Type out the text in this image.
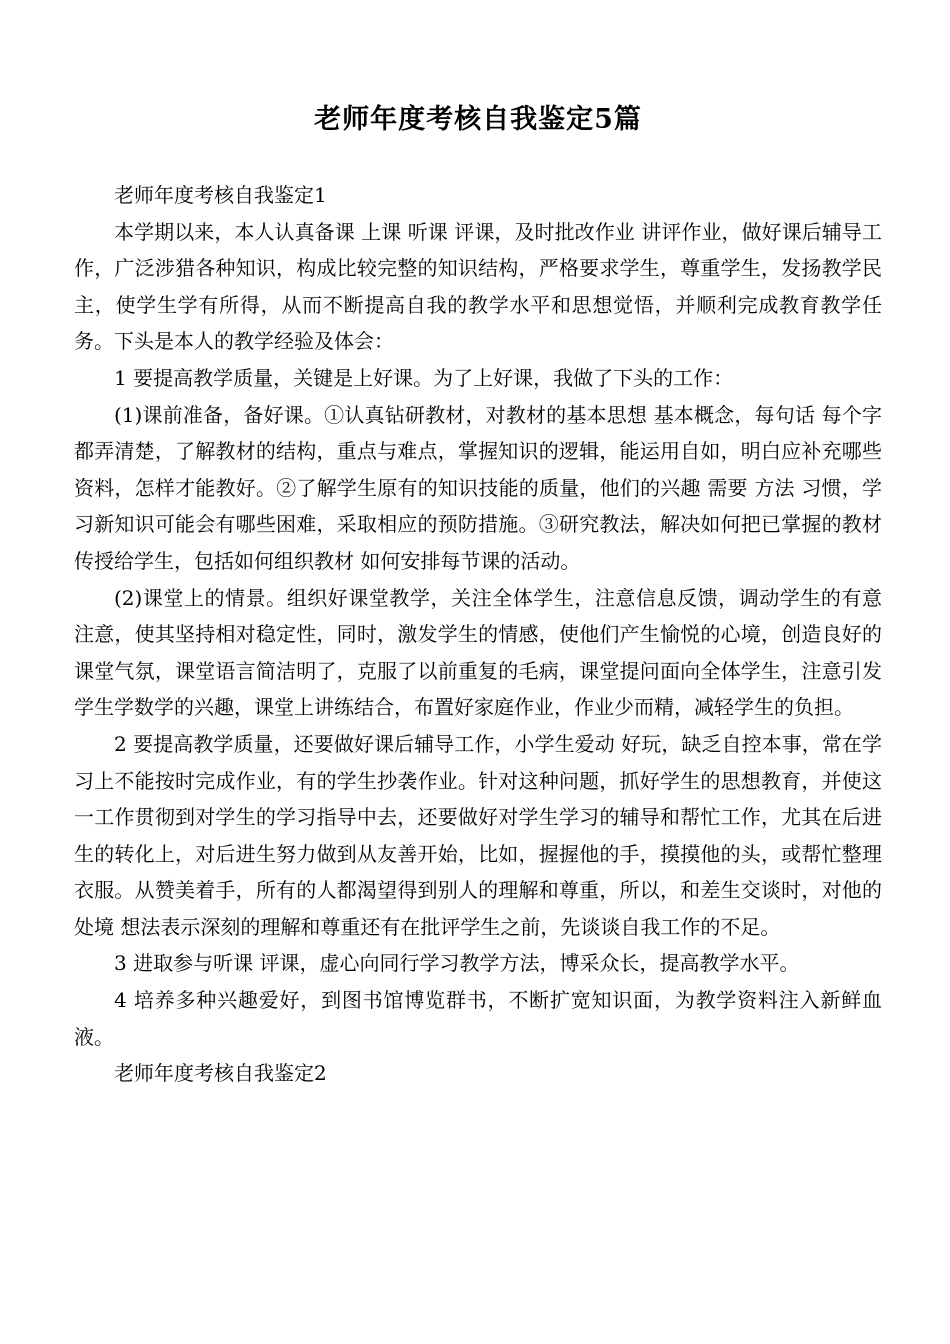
老师年度考核自我鉴定5篇

老师年度考核自我鉴定1

本学期以来，本人认真备课 上课 听课 评课，及时批改作业 讲评作业，做好课后辅导工作，广泛涉猎各种知识，构成比较完整的知识结构，严格要求学生，尊重学生，发扬教学民主，使学生学有所得，从而不断提高自我的教学水平和思想觉悟，并顺利完成教育教学任务。下头是本人的教学经验及体会：

1 要提高教学质量，关键是上好课。为了上好课，我做了下头的工作：

(1)课前准备，备好课。①认真钻研教材，对教材的基本思想 基本概念，每句话 每个字都弄清楚，了解教材的结构，重点与难点，掌握知识的逻辑，能运用自如，明白应补充哪些资料，怎样才能教好。②了解学生原有的知识技能的质量，他们的兴趣 需要 方法 习惯，学习新知识可能会有哪些困难，采取相应的预防措施。③研究教法，解决如何把已掌握的教材传授给学生，包括如何组织教材 如何安排每节课的活动。

(2)课堂上的情景。组织好课堂教学，关注全体学生，注意信息反馈，调动学生的有意注意，使其坚持相对稳定性，同时，激发学生的情感，使他们产生愉悦的心境，创造良好的课堂气氛，课堂语言简洁明了，克服了以前重复的毛病，课堂提问面向全体学生，注意引发学生学数学的兴趣，课堂上讲练结合，布置好家庭作业，作业少而精，减轻学生的负担。

2 要提高教学质量，还要做好课后辅导工作，小学生爱动 好玩，缺乏自控本事，常在学习上不能按时完成作业，有的学生抄袭作业。针对这种问题，抓好学生的思想教育，并使这一工作贯彻到对学生的学习指导中去，还要做好对学生学习的辅导和帮忙工作，尤其在后进生的转化上，对后进生努力做到从友善开始，比如，握握他的手，摸摸他的头，或帮忙整理衣服。从赞美着手，所有的人都渴望得到别人的理解和尊重，所以，和差生交谈时，对他的处境 想法表示深刻的理解和尊重还有在批评学生之前，先谈谈自我工作的不足。

3 进取参与听课 评课，虚心向同行学习教学方法，博采众长，提高教学水平。

4 培养多种兴趣爱好，到图书馆博览群书，不断扩宽知识面，为教学资料注入新鲜血液。

老师年度考核自我鉴定2
